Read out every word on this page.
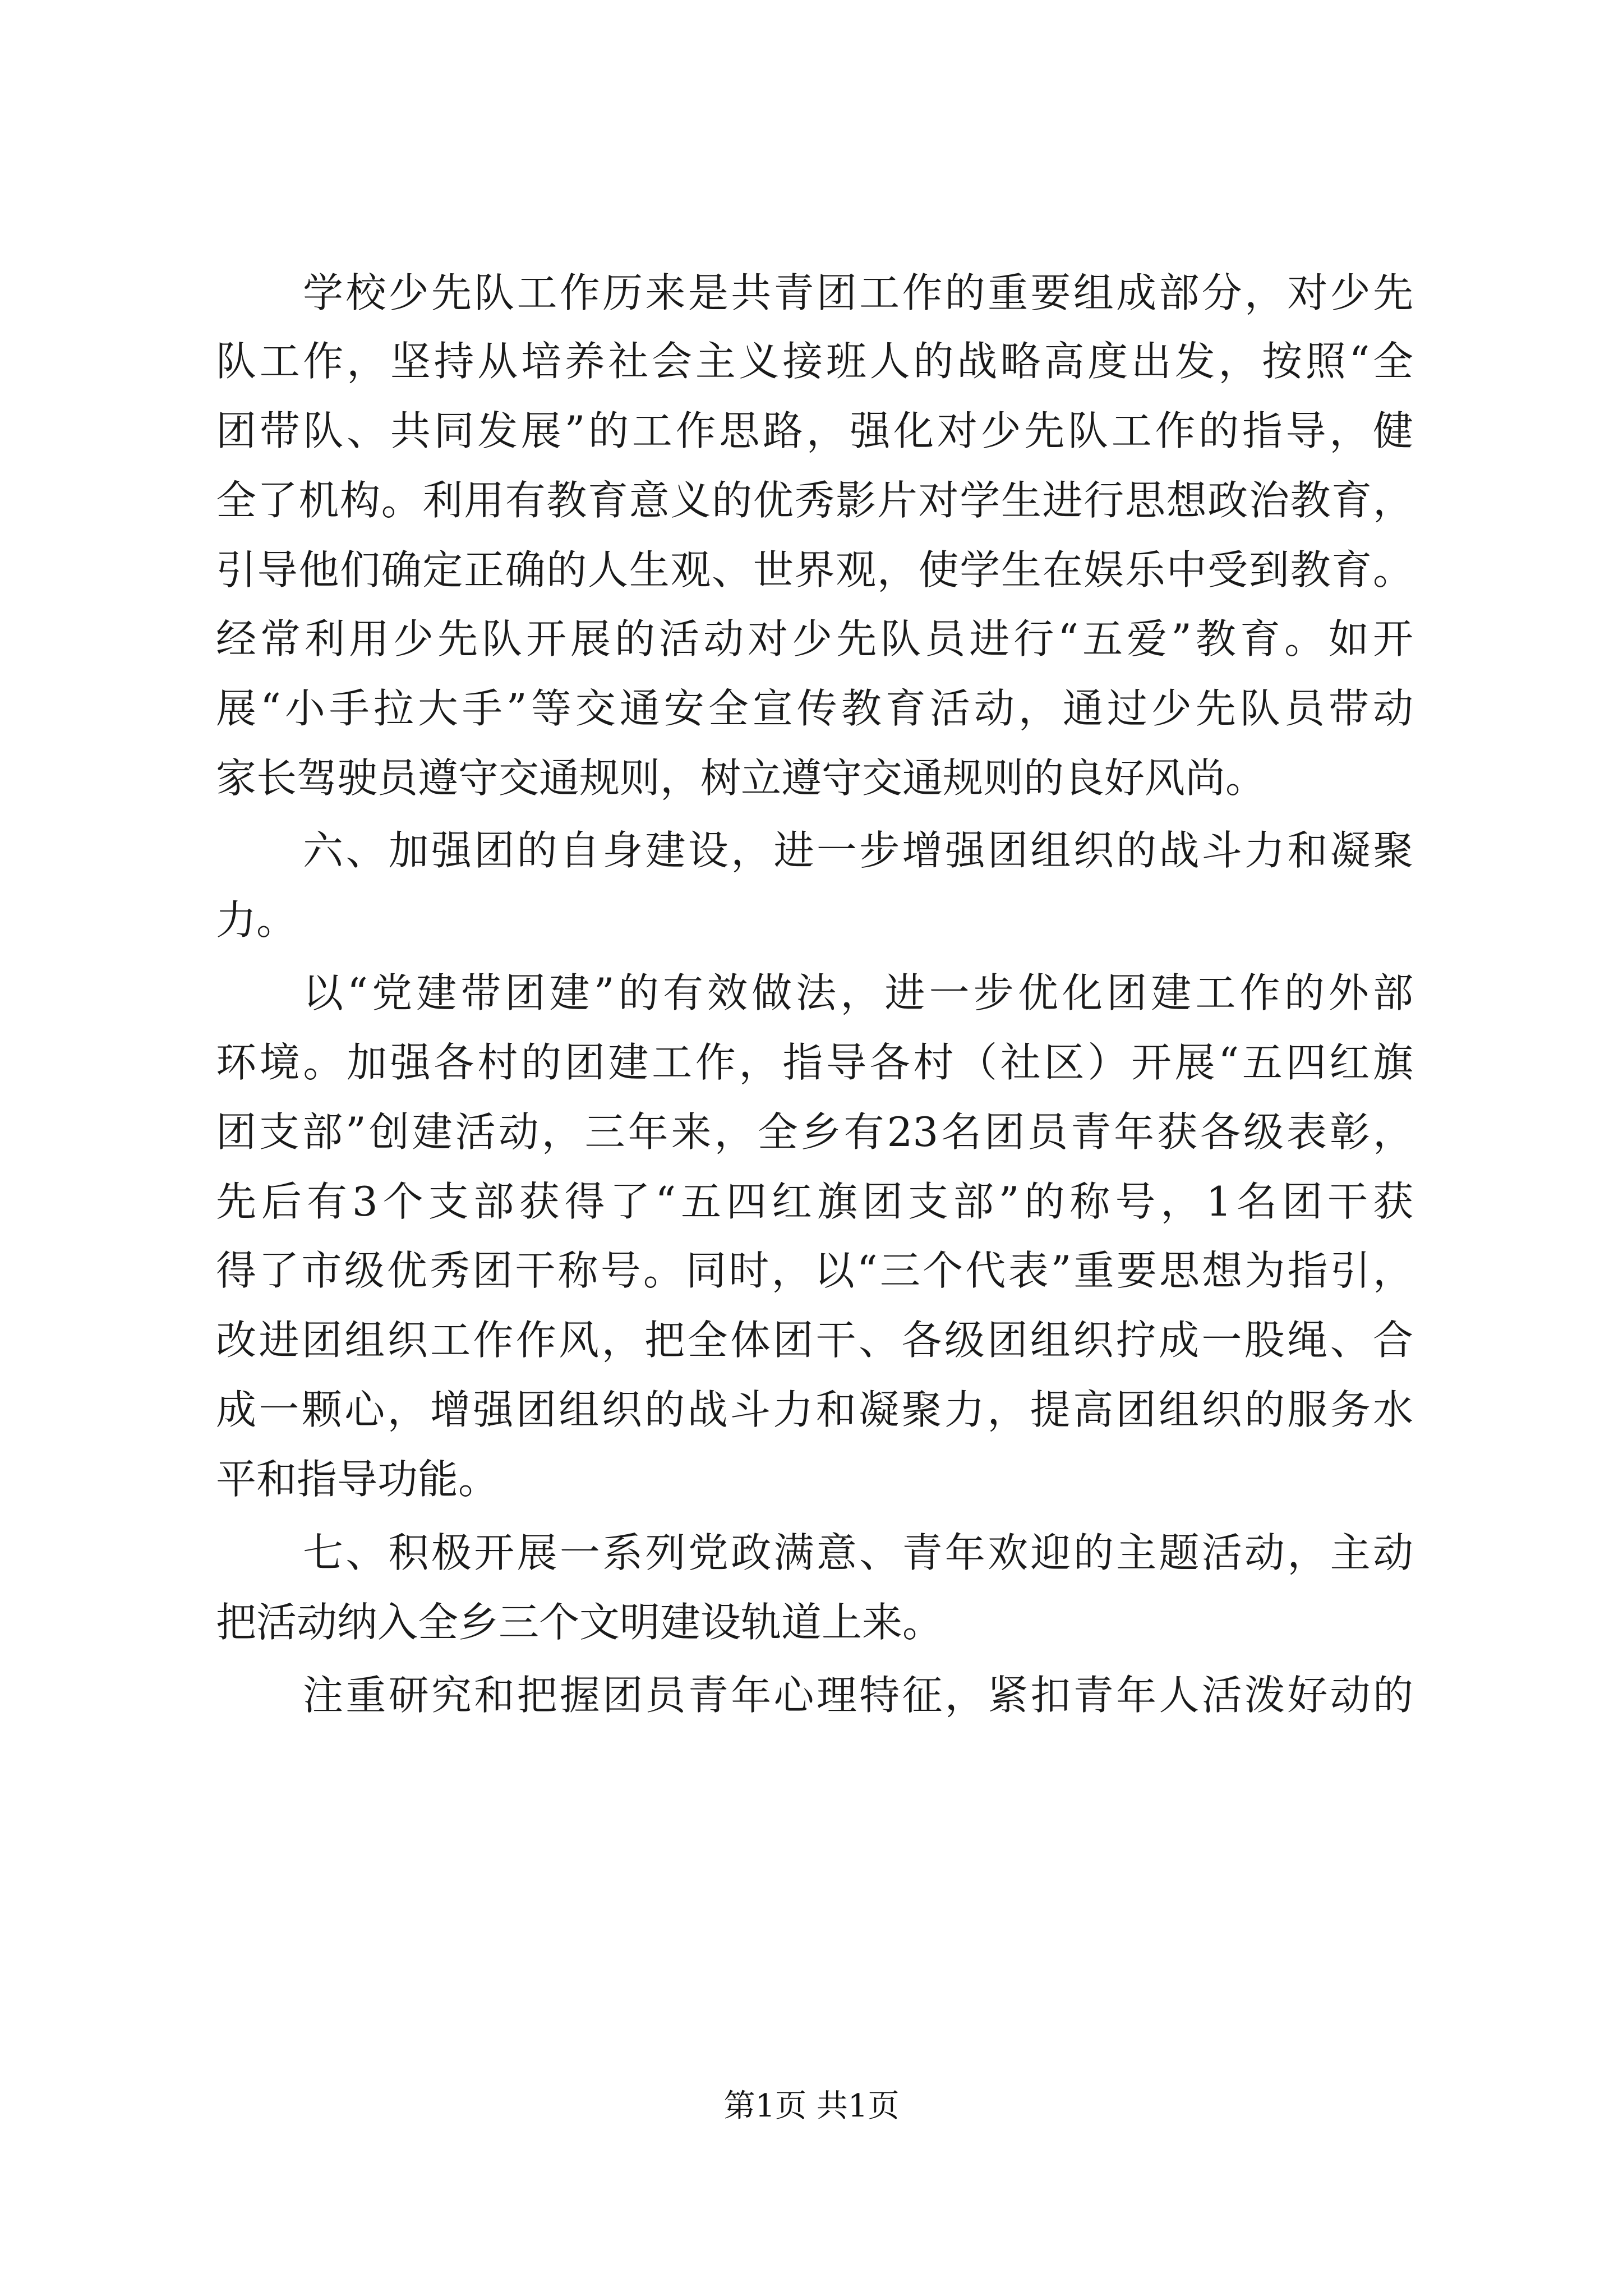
学校少先队工作历来是共青团工作的重要组成部分，对少先
队工作，坚持从培养社会主义接班人的战略高度出发，按照“全
团带队、共同发展”的工作思路，强化对少先队工作的指导，健
全了机构。利用有教育意义的优秀影片对学生进行思想政治教育，
引导他们确定正确的人生观、世界观，使学生在娱乐中受到教育。
经常利用少先队开展的活动对少先队员进行“五爱”教育。如开
展“小手拉大手”等交通安全宣传教育活动，通过少先队员带动
家长驾驶员遵守交通规则，树立遵守交通规则的良好风尚。
六、加强团的自身建设，进一步增强团组织的战斗力和凝聚
力。
以“党建带团建”的有效做法，进一步优化团建工作的外部
环境。加强各村的团建工作，指导各村（社区）开展“五四红旗
团支部”创建活动，三年来，全乡有23名团员青年获各级表彰，
先后有3个支部获得了“五四红旗团支部”的称号，1名团干获
得了市级优秀团干称号。同时，以“三个代表”重要思想为指引，
改进团组织工作作风，把全体团干、各级团组织拧成一股绳、合
成一颗心，增强团组织的战斗力和凝聚力，提高团组织的服务水
平和指导功能。
七、积极开展一系列党政满意、青年欢迎的主题活动，主动
把活动纳入全乡三个文明建设轨道上来。
注重研究和把握团员青年心理特征，紧扣青年人活泼好动的
第1页 共1页
